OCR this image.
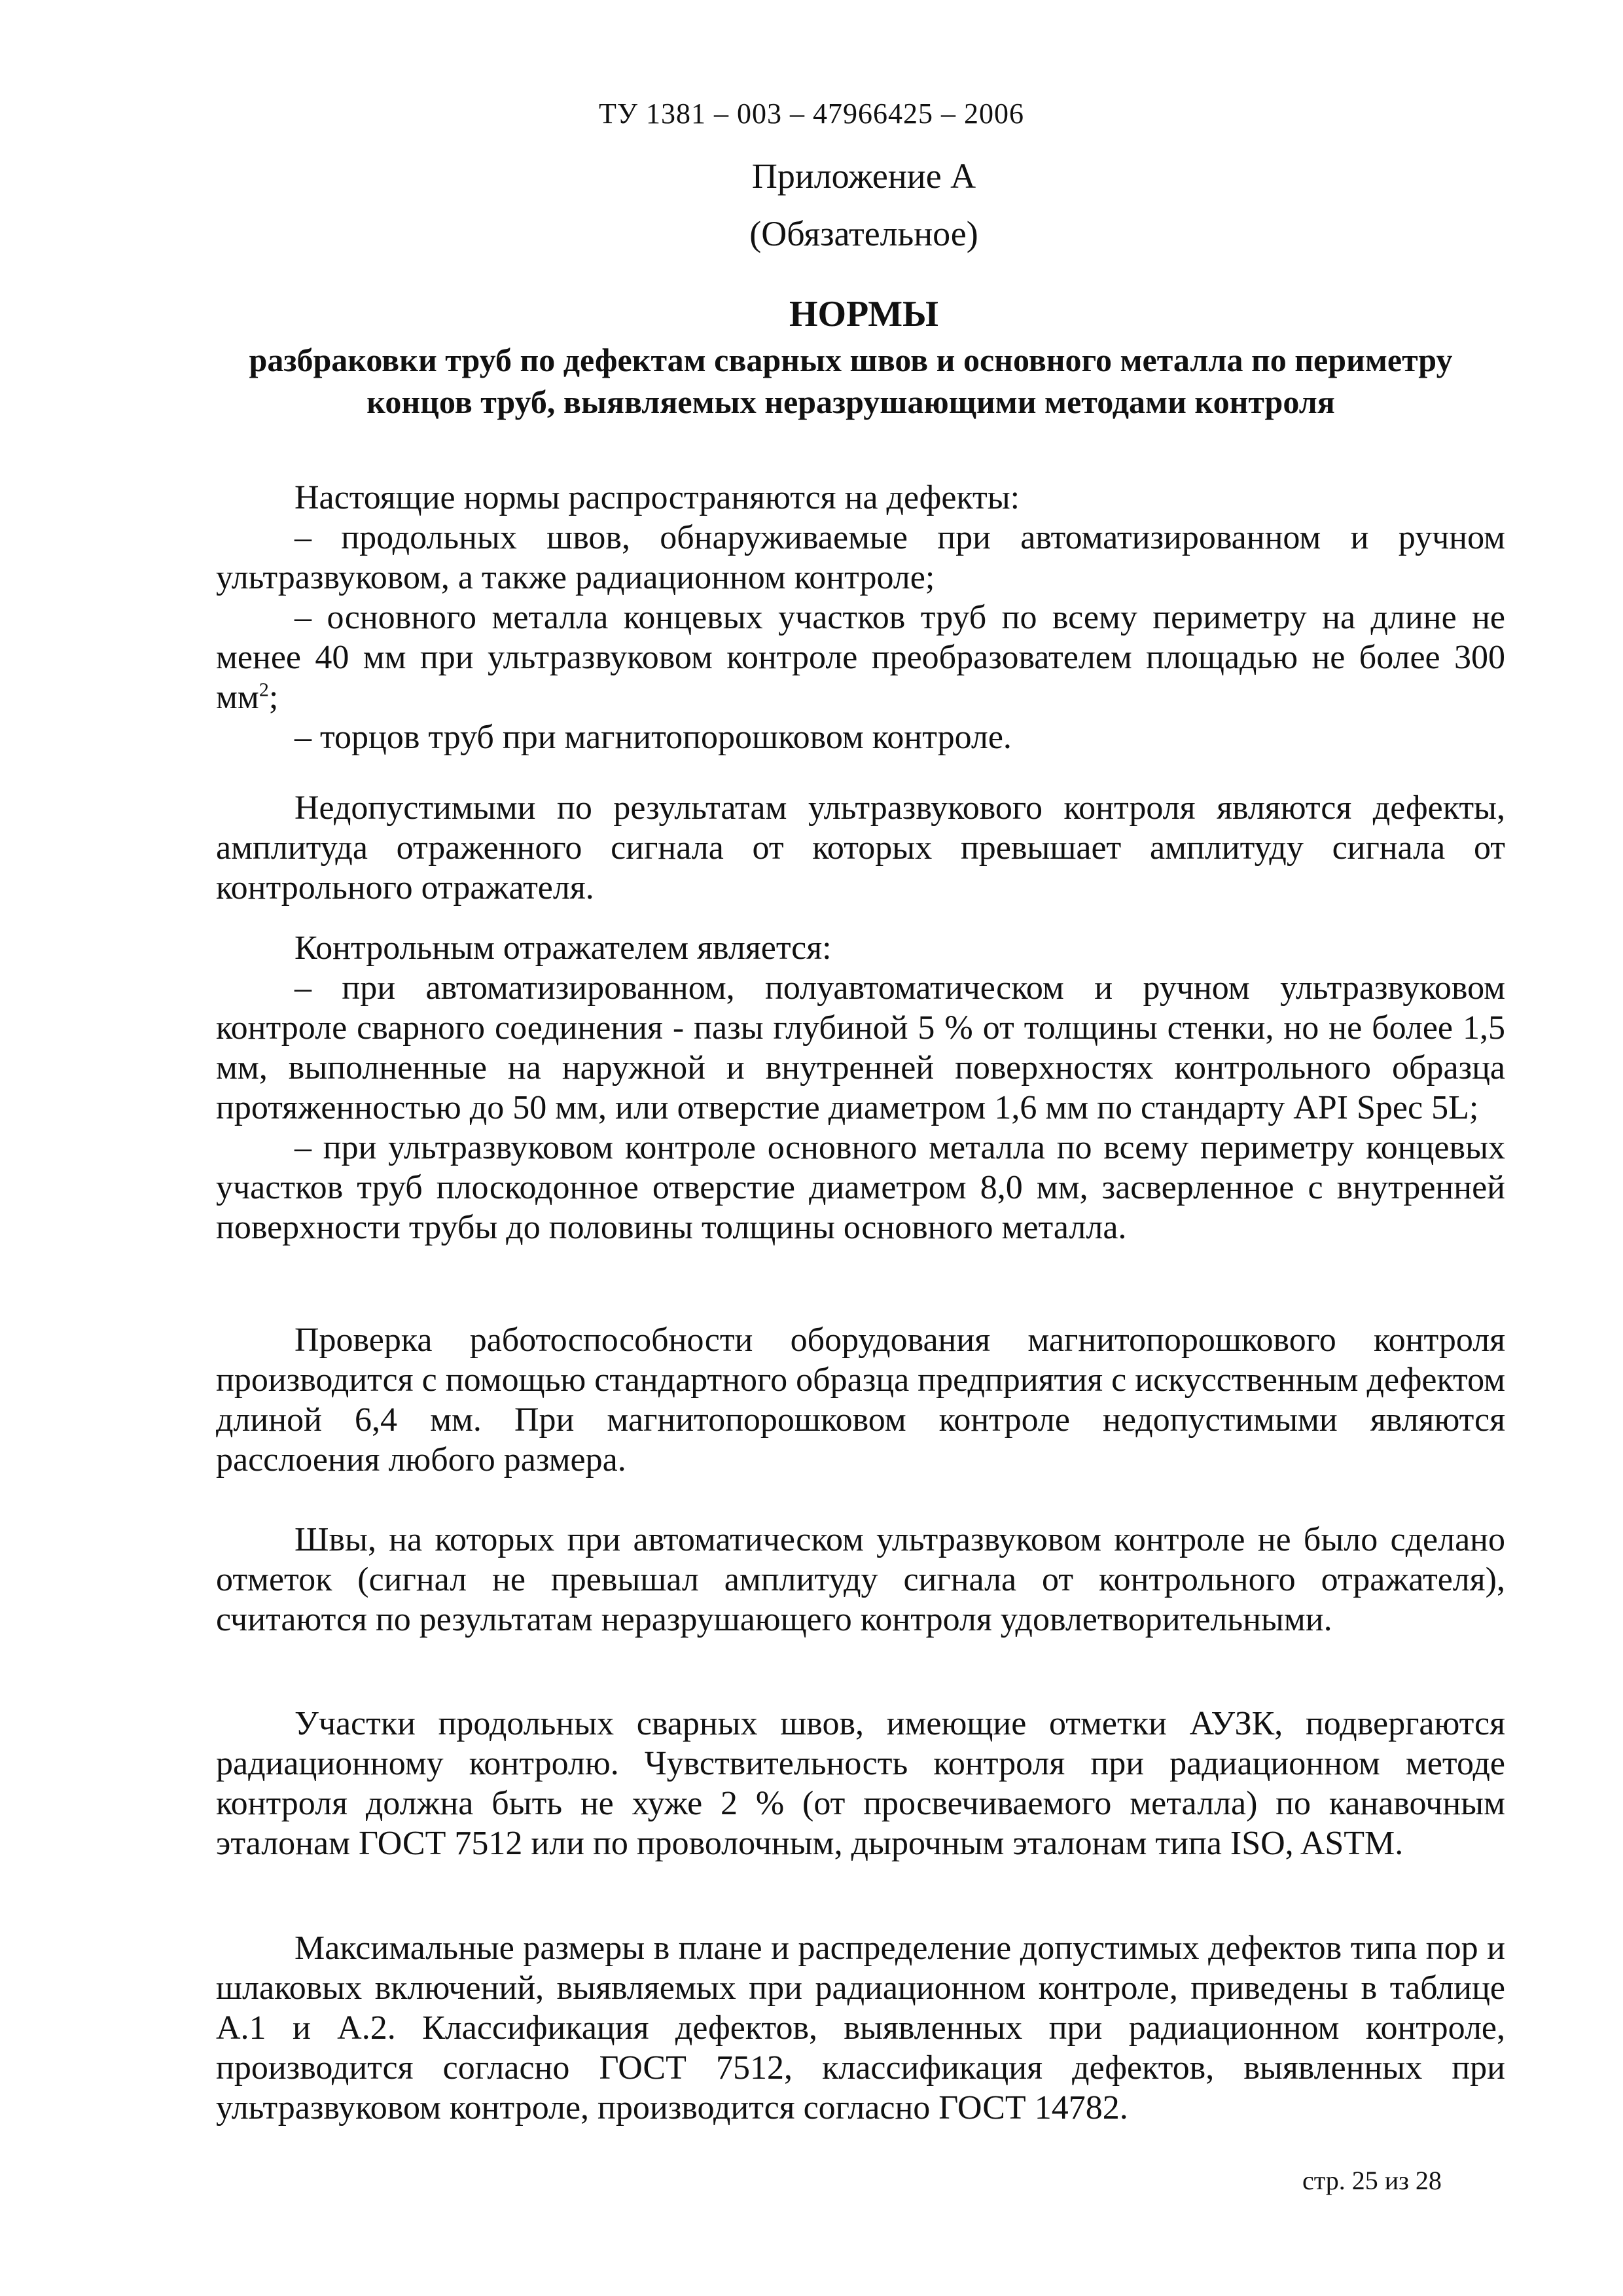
ТУ 1381 – 003 – 47966425 – 2006
Приложение А
(Обязательное)
НОРМЫ
разбраковки труб по дефектам сварных швов и основного металла по периметру концов труб, выявляемых неразрушающими методами контроля

Настоящие нормы распространяются на дефекты:

– продольных швов, обнаруживаемые при автоматизированном и ручном ультразвуковом, а также радиационном контроле;

– основного металла концевых участков труб по всему периметру на длине не менее 40 мм при ультразвуковом контроле преобразователем площадью не более 300 $мм^2$;

– торцов труб при магнитопорошковом контроле.

Недопустимыми по результатам ультразвукового контроля являются дефекты, амплитуда отраженного сигнала от которых превышает амплитуду сигнала от контрольного отражателя.

Контрольным отражателем является:

– при автоматизированном, полуавтоматическом и ручном ультразвуковом контроле сварного соединения - пазы глубиной 5 % от толщины стенки, но не более 1,5 мм, выполненные на наружной и внутренней поверхностях контрольного образца протяженностью до 50 мм, или отверстие диаметром 1,6 мм по стандарту API Spec 5L;

– при ультразвуковом контроле основного металла по всему периметру концевых участков труб плоскодонное отверстие диаметром 8,0 мм, засверленное с внутренней поверхности трубы до половины толщины основного металла.

Проверка работоспособности оборудования магнитопорошкового контроля производится с помощью стандартного образца предприятия с искусственным дефектом длиной 6,4 мм. При магнитопорошковом контроле недопустимыми являются расслоения любого размера.

Швы, на которых при автоматическом ультразвуковом контроле не было сделано отметок (сигнал не превышал амплитуду сигнала от контрольного отражателя), считаются по результатам неразрушающего контроля удовлетворительными.

Участки продольных сварных швов, имеющие отметки АУЗК, подвергаются радиационному контролю. Чувствительность контроля при радиационном методе контроля должна быть не хуже 2 % (от просвечиваемого металла) по канавочным эталонам ГОСТ 7512 или по проволочным, дырочным эталонам типа ISO, ASTM.

Максимальные размеры в плане и распределение допустимых дефектов типа пор и шлаковых включений, выявляемых при радиационном контроле, приведены в таблице А.1 и А.2. Классификация дефектов, выявленных при радиационном контроле, производится согласно ГОСТ 7512, классификация дефектов, выявленных при ультразвуковом контроле, производится согласно ГОСТ 14782.

стр. 25 из 28
